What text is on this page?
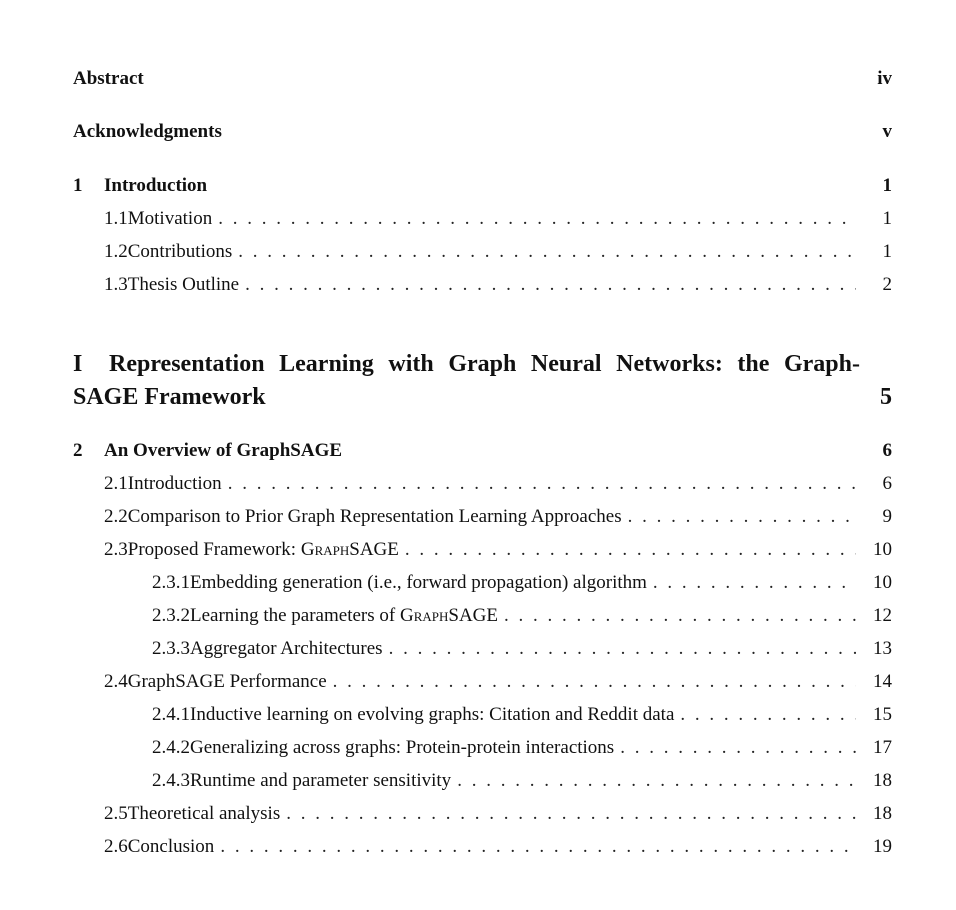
Abstract	iv
Acknowledgments	v
1	Introduction	1
1.1 Motivation . . .	1
1.2 Contributions . . .	1
1.3 Thesis Outline . . .	2
I	Representation Learning with Graph Neural Networks: the Graph-
SAGE Framework	5
2	An Overview of GraphSAGE	6
2.1 Introduction . . .	6
2.2 Comparison to Prior Graph Representation Learning Approaches . . .	9
2.3 Proposed Framework: GraphSAGE . . .	10
2.3.1 Embedding generation (i.e., forward propagation) algorithm . . .	10
2.3.2 Learning the parameters of GraphSAGE . . .	12
2.3.3 Aggregator Architectures . . .	13
2.4 GraphSAGE Performance . . .	14
2.4.1 Inductive learning on evolving graphs: Citation and Reddit data . . .	15
2.4.2 Generalizing across graphs: Protein-protein interactions . . .	17
2.4.3 Runtime and parameter sensitivity . . .	18
2.5 Theoretical analysis . . .	18
2.6 Conclusion . . .	19
